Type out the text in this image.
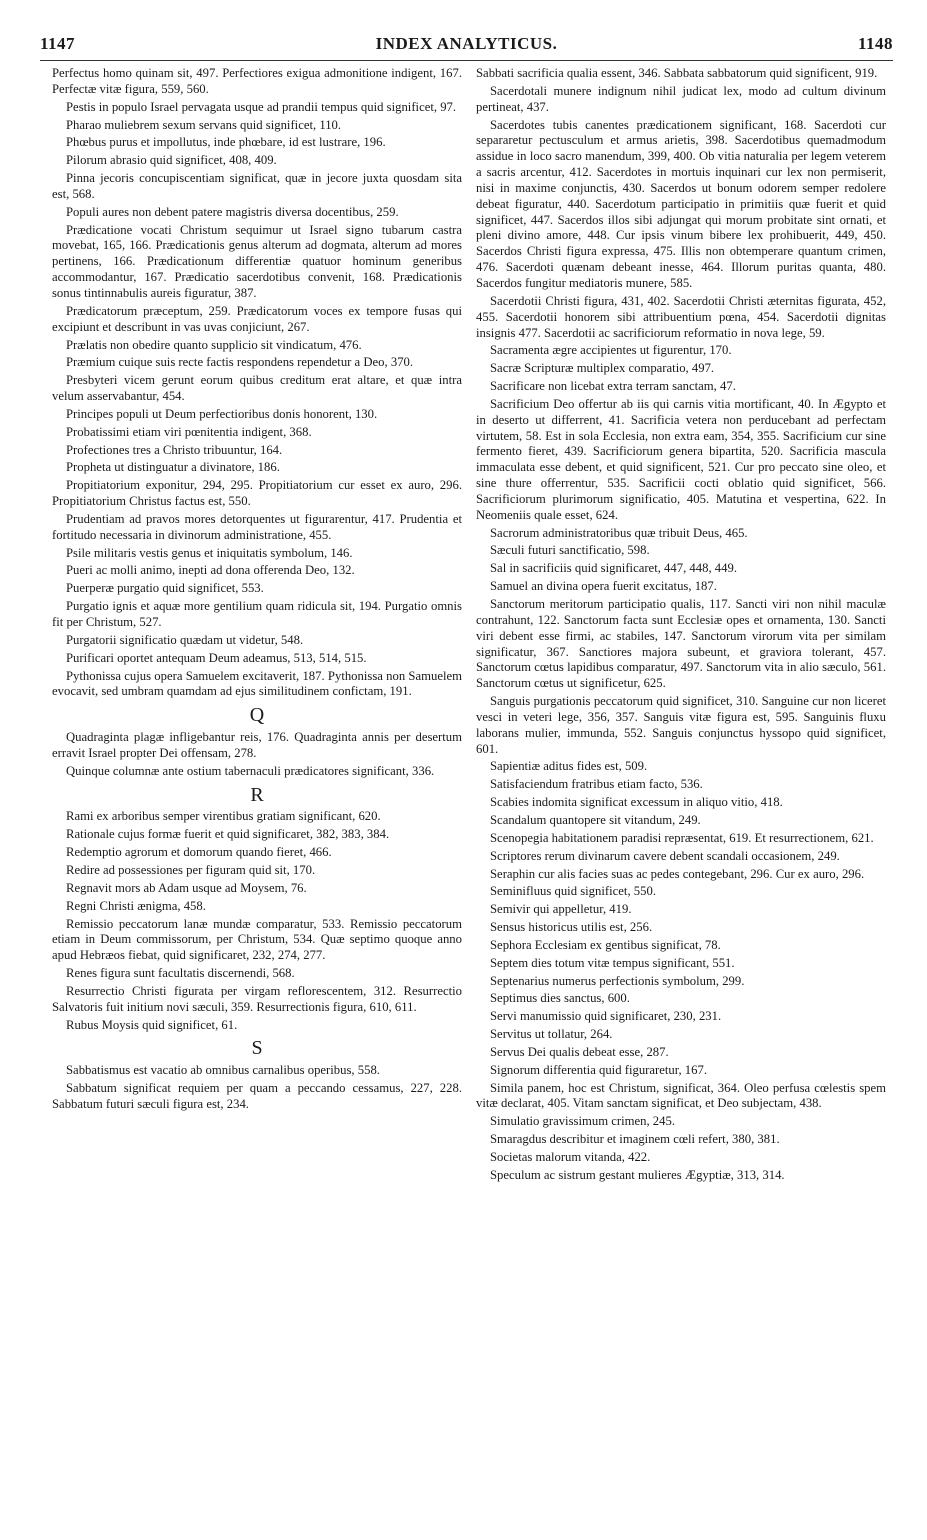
1147	INDEX ANALYTICUS.	1148

Perfectus homo quinam sit, 497. Perfectiores exigua admonitione indigent, 167. Perfectæ vitæ figura, 559, 560.

Pestis in populo Israel pervagata usque ad prandii tempus quid significet, 97.

Pharao muliebrem sexum servans quid significet, 110.

Phœbus purus et impollutus, inde phœbare, id est lustrare, 196.

Pilorum abrasio quid significet, 408, 409.

Pinna jecoris concupiscentiam significat, quæ in jecore juxta quosdam sita est, 568.

Populi aures non debent patere magistris diversa docentibus, 259.

Prædicatione vocati Christum sequimur ut Israel signo tubarum castra movebat, 165, 166. Prædicationis genus alterum ad dogmata, alterum ad mores pertinens, 166. Prædicationum differentiæ quatuor hominum generibus accommodantur, 167. Prædicatio sacerdotibus convenit, 168. Prædicationis sonus tintinnabulis aureis figuratur, 387.

Prædicatorum præceptum, 259. Prædicatorum voces ex tempore fusas qui excipiunt et describunt in vas uvas conjiciunt, 267.

Prælatis non obedire quanto supplicio sit vindicatum, 476.

Præmium cuique suis recte factis respondens rependetur a Deo, 370.

Presbyteri vicem gerunt eorum quibus creditum erat altare, et quæ intra velum asservabantur, 454.

Principes populi ut Deum perfectioribus donis honorent, 130.

Probatissimi etiam viri pœnitentia indigent, 368.

Profectiones tres a Christo tribuuntur, 164.

Propheta ut distinguatur a divinatore, 186.

Propitiatorium exponitur, 294, 295. Propitiatorium cur esset ex auro, 296. Propitiatorium Christus factus est, 550.

Prudentiam ad pravos mores detorquentes ut figurarentur, 417. Prudentia et fortitudo necessaria in divinorum administratione, 455.

Psile militaris vestis genus et iniquitatis symbolum, 146.

Pueri ac molli animo, inepti ad dona offerenda Deo, 132.

Puerperæ purgatio quid significet, 553.

Purgatio ignis et aquæ more gentilium quam ridicula sit, 194. Purgatio omnis fit per Christum, 527.

Purgatorii significatio quædam ut videtur, 548.

Purificari oportet antequam Deum adeamus, 513, 514, 515.

Pythonissa cujus opera Samuelem excitaverit, 187. Pythonissa non Samuelem evocavit, sed umbram quamdam ad ejus similitudinem confictam, 191.

Q

Quadraginta plagæ infligebantur reis, 176. Quadraginta annis per desertum erravit Israel propter Dei offensam, 278.

Quinque columnæ ante ostium tabernaculi prædicatores significant, 336.

R

Rami ex arboribus semper virentibus gratiam significant, 620.

Rationale cujus formæ fuerit et quid significaret, 382, 383, 384.

Redemptio agrorum et domorum quando fieret, 466.

Redire ad possessiones per figuram quid sit, 170.

Regnavit mors ab Adam usque ad Moysem, 76.

Regni Christi ænigma, 458.

Remissio peccatorum lanæ mundæ comparatur, 533. Remissio peccatorum etiam in Deum commissorum, per Christum, 534. Quæ septimo quoque anno apud Hebræos fiebat, quid significaret, 232, 274, 277.

Renes figura sunt facultatis discernendi, 568.

Resurrectio Christi figurata per virgam reflorescentem, 312. Resurrectio Salvatoris fuit initium novi sæculi, 359. Resurrectionis figura, 610, 611.

Rubus Moysis quid significet, 61.

S

Sabbatismus est vacatio ab omnibus carnalibus operibus, 558.

Sabbatum significat requiem per quam a peccando cessamus, 227, 228. Sabbatum futuri sæculi figura est, 234.

Sabbati sacrificia qualia essent, 346. Sabbata sabbatorum quid significent, 919.

Sacerdotali munere indignum nihil judicat lex, modo ad cultum divinum pertineat, 437.

Sacerdotes tubis canentes prædicationem significant, 168. Sacerdoti cur separaretur pectusculum et armus arietis, 398. Sacerdotibus quemadmodum assidue in loco sacro manendum, 399, 400. Ob vitia naturalia per legem veterem a sacris arcentur, 412. Sacerdotes in mortuis inquinari cur lex non permiserit, nisi in maxime conjunctis, 430. Sacerdos ut bonum odorem semper redolere debeat figuratur, 440. Sacerdotum participatio in primitiis quæ fuerit et quid significet, 447. Sacerdos illos sibi adjungat qui morum probitate sint ornati, et pleni divino amore, 448. Cur ipsis vinum bibere lex prohibuerit, 449, 450. Sacerdos Christi figura expressa, 475. Illis non obtemperare quantum crimen, 476. Sacerdoti quænam debeant inesse, 464. Illorum puritas quanta, 480. Sacerdos fungitur mediatoris munere, 585.

Sacerdotii Christi figura, 431, 402. Sacerdotii Christi æternitas figurata, 452, 455. Sacerdotii honorem sibi attribuentium pœna, 454. Sacerdotii dignitas insignis 477. Sacerdotii ac sacrificiorum reformatio in nova lege, 59.

Sacramenta ægre accipientes ut figurentur, 170.

Sacræ Scripturæ multiplex comparatio, 497.

Sacrificare non licebat extra terram sanctam, 47.

Sacrificium Deo offertur ab iis qui carnis vitia mortificant, 40. In Ægypto et in deserto ut differrent, 41. Sacrificia vetera non perducebant ad perfectam virtutem, 58. Est in sola Ecclesia, non extra eam, 354, 355. Sacrificium cur sine fermento fieret, 439. Sacrificiorum genera bipartita, 520. Sacrificia mascula immaculata esse debent, et quid significent, 521. Cur pro peccato sine oleo, et sine thure offerrentur, 535. Sacrificii cocti oblatio quid significet, 566. Sacrificiorum plurimorum significatio, 405. Matutina et vespertina, 622. In Neomeniis quale esset, 624.

Sacrorum administratoribus quæ tribuit Deus, 465.

Sæculi futuri sanctificatio, 598.

Sal in sacrificiis quid significaret, 447, 448, 449.

Samuel an divina opera fuerit excitatus, 187.

Sanctorum meritorum participatio qualis, 117. Sancti viri non nihil maculæ contrahunt, 122. Sanctorum facta sunt Ecclesiæ opes et ornamenta, 130. Sancti viri debent esse firmi, ac stabiles, 147. Sanctorum virorum vita per similam significatur, 367. Sanctiores majora subeunt, et graviora tolerant, 457. Sanctorum cœtus lapidibus comparatur, 497. Sanctorum vita in alio sæculo, 561. Sanctorum cœtus ut significetur, 625.

Sanguis purgationis peccatorum quid significet, 310. Sanguine cur non liceret vesci in veteri lege, 356, 357. Sanguis vitæ figura est, 595. Sanguinis fluxu laborans mulier, immunda, 552. Sanguis conjunctus hyssopo quid significet, 601.

Sapientiæ aditus fides est, 509.

Satisfaciendum fratribus etiam facto, 536.

Scabies indomita significat excessum in aliquo vitio, 418.

Scandalum quantopere sit vitandum, 249.

Scenopegia habitationem paradisi repræsentat, 619. Et resurrectionem, 621.

Scriptores rerum divinarum cavere debent scandali occasionem, 249.

Seraphin cur alis facies suas ac pedes contegebant, 296. Cur ex auro, 296.

Seminifluus quid significet, 550.

Semivir qui appelletur, 419.

Sensus historicus utilis est, 256.

Sephora Ecclesiam ex gentibus significat, 78.

Septem dies totum vitæ tempus significant, 551.

Septenarius numerus perfectionis symbolum, 299.

Septimus dies sanctus, 600.

Servi manumissio quid significaret, 230, 231.

Servitus ut tollatur, 264.

Servus Dei qualis debeat esse, 287.

Signorum differentia quid figuraretur, 167.

Simila panem, hoc est Christum, significat, 364. Oleo perfusa cœlestis spem vitæ declarat, 405. Vitam sanctam significat, et Deo subjectam, 438.

Simulatio gravissimum crimen, 245.

Smaragdus describitur et imaginem cœli refert, 380, 381.

Societas malorum vitanda, 422.

Speculum ac sistrum gestant mulieres Ægyptiæ, 313, 314.
